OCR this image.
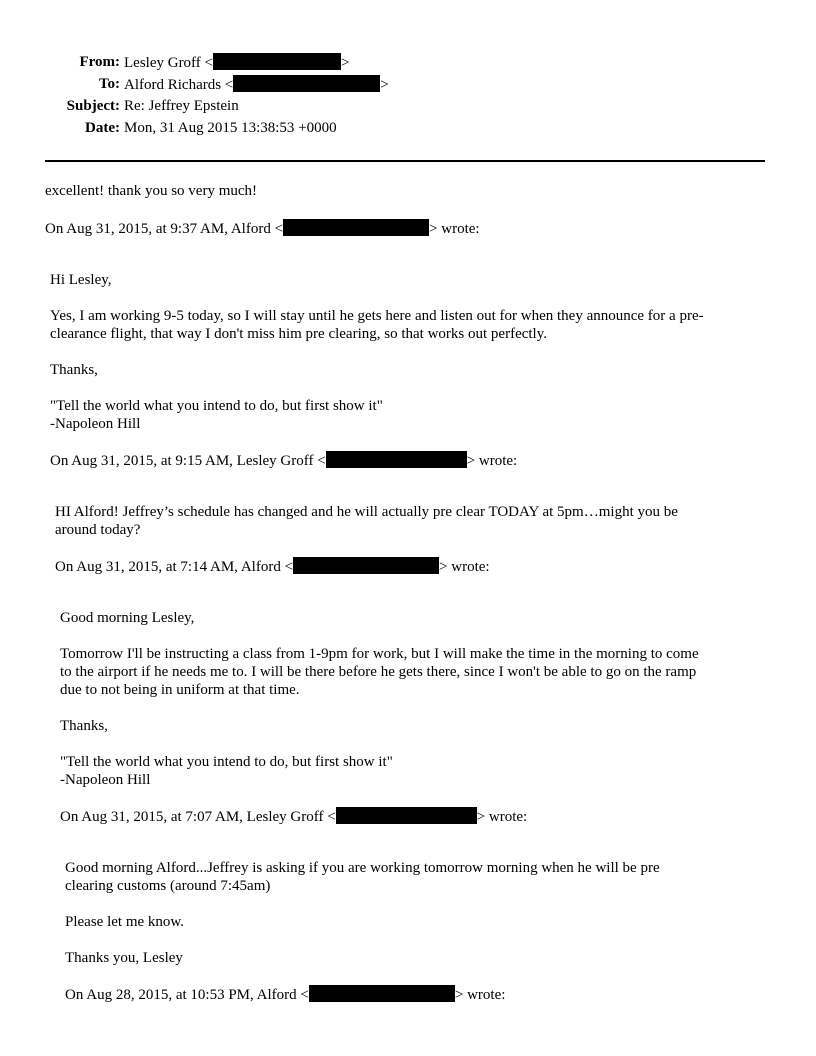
From: Lesley Groff <	>
To: Alford Richards <	>
Subject: Re: Jeffrey Epstein
Date: Mon, 31 Aug 2015 13:38:53 +0000
excellent! thank you so very much!
On Aug 31, 2015, at 9:37 AM, Alford <	> wrote:
Hi Lesley,
Yes, I am working 9-5 today, so I will stay until he gets here and listen out for when they announce for a pre-
clearance flight, that way I don't miss him pre clearing, so that works out perfectly.
Thanks,
"Tell the world what you intend to do, but first show it"
-Napoleon Hill
On Aug 31, 2015, at 9:15 AM, Lesley Groff <	> wrote:
HI Alford! Jeffrey’s schedule has changed and he will actually pre clear TODAY at 5pm…might you be
around today?
On Aug 31, 2015, at 7:14 AM, Alford <	> wrote:
Good morning Lesley,
Tomorrow I'll be instructing a class from 1-9pm for work, but I will make the time in the morning to come
to the airport if he needs me to. I will be there before he gets there, since I won't be able to go on the ramp
due to not being in uniform at that time.
Thanks,
"Tell the world what you intend to do, but first show it"
-Napoleon Hill
On Aug 31, 2015, at 7:07 AM, Lesley Groff <	> wrote:
Good morning Alford...Jeffrey is asking if you are working tomorrow morning when he will be pre
clearing customs (around 7:45am)
Please let me know.
Thanks you, Lesley
On Aug 28, 2015, at 10:53 PM, Alford <	> wrote:
